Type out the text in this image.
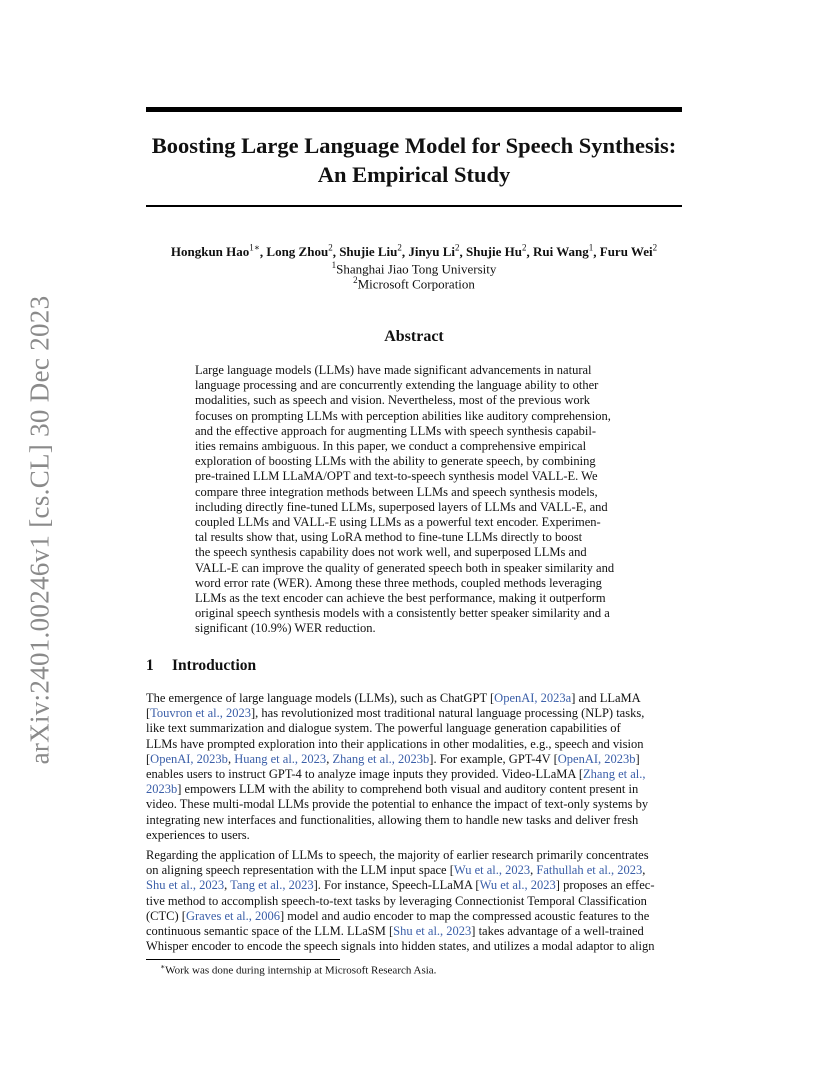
arXiv:2401.00246v1 [cs.CL] 30 Dec 2023
Boosting Large Language Model for Speech Synthesis:
An Empirical Study
Hongkun Hao$^{1∗}$, Long Zhou$^2$, Shujie Liu$^2$, Jinyu Li$^2$, Shujie Hu$^2$, Rui Wang$^1$, Furu Wei$^2$
$^1$Shanghai Jiao Tong University
$^2$Microsoft Corporation
Abstract
Large language models (LLMs) have made significant advancements in natural
language processing and are concurrently extending the language ability to other
modalities, such as speech and vision. Nevertheless, most of the previous work
focuses on prompting LLMs with perception abilities like auditory comprehension,
and the effective approach for augmenting LLMs with speech synthesis capabil-
ities remains ambiguous. In this paper, we conduct a comprehensive empirical
exploration of boosting LLMs with the ability to generate speech, by combining
pre-trained LLM LLaMA/OPT and text-to-speech synthesis model VALL-E. We
compare three integration methods between LLMs and speech synthesis models,
including directly fine-tuned LLMs, superposed layers of LLMs and VALL-E, and
coupled LLMs and VALL-E using LLMs as a powerful text encoder. Experimen-
tal results show that, using LoRA method to fine-tune LLMs directly to boost
the speech synthesis capability does not work well, and superposed LLMs and
VALL-E can improve the quality of generated speech both in speaker similarity and
word error rate (WER). Among these three methods, coupled methods leveraging
LLMs as the text encoder can achieve the best performance, making it outperform
original speech synthesis models with a consistently better speaker similarity and a
significant (10.9%) WER reduction.
1 Introduction
The emergence of large language models (LLMs), such as ChatGPT [OpenAI, 2023a] and LLaMA
[Touvron et al., 2023], has revolutionized most traditional natural language processing (NLP) tasks,
like text summarization and dialogue system. The powerful language generation capabilities of
LLMs have prompted exploration into their applications in other modalities, e.g., speech and vision
[OpenAI, 2023b, Huang et al., 2023, Zhang et al., 2023b]. For example, GPT-4V [OpenAI, 2023b]
enables users to instruct GPT-4 to analyze image inputs they provided. Video-LLaMA [Zhang et al.,
2023b] empowers LLM with the ability to comprehend both visual and auditory content present in
video. These multi-modal LLMs provide the potential to enhance the impact of text-only systems by
integrating new interfaces and functionalities, allowing them to handle new tasks and deliver fresh
experiences to users.
Regarding the application of LLMs to speech, the majority of earlier research primarily concentrates
on aligning speech representation with the LLM input space [Wu et al., 2023, Fathullah et al., 2023,
Shu et al., 2023, Tang et al., 2023]. For instance, Speech-LLaMA [Wu et al., 2023] proposes an effec-
tive method to accomplish speech-to-text tasks by leveraging Connectionist Temporal Classification
(CTC) [Graves et al., 2006] model and audio encoder to map the compressed acoustic features to the
continuous semantic space of the LLM. LLaSM [Shu et al., 2023] takes advantage of a well-trained
Whisper encoder to encode the speech signals into hidden states, and utilizes a modal adaptor to align
∗Work was done during internship at Microsoft Research Asia.
